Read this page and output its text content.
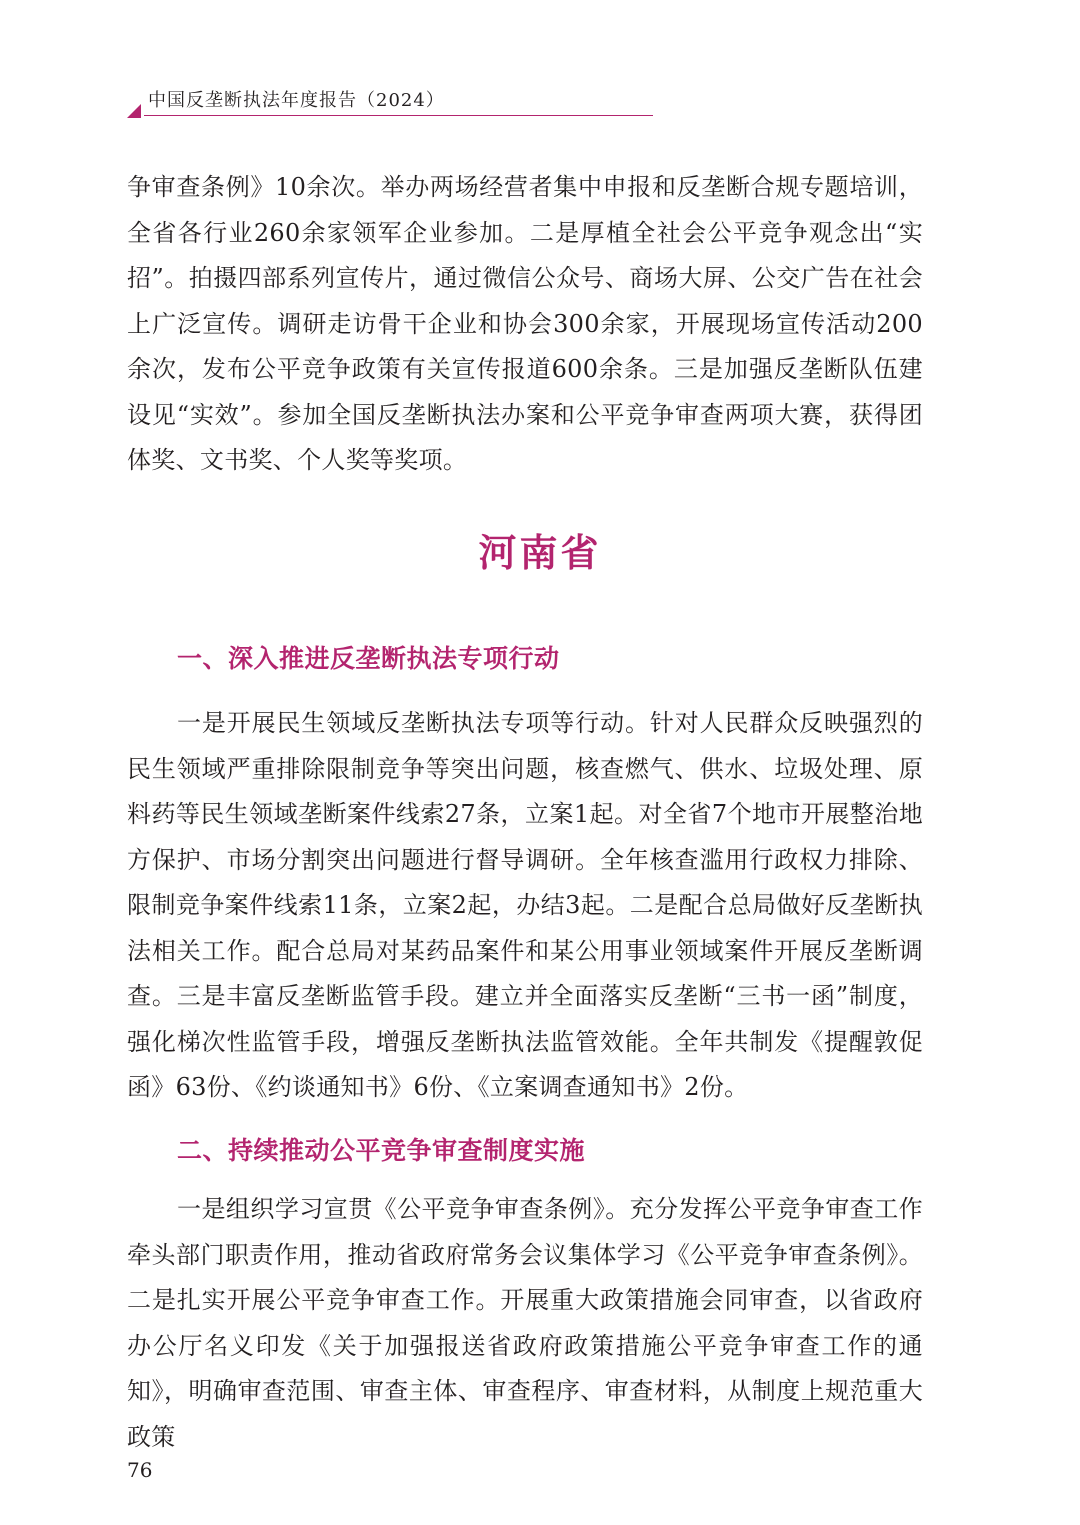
中国反垄断执法年度报告（2024）

争审查条例》10余次。举办两场经营者集中申报和反垄断合规专题培训，全省各行业260余家领军企业参加。二是厚植全社会公平竞争观念出“实招”。拍摄四部系列宣传片，通过微信公众号、商场大屏、公交广告在社会上广泛宣传。调研走访骨干企业和协会300余家，开展现场宣传活动200余次，发布公平竞争政策有关宣传报道600余条。三是加强反垄断队伍建设见“实效”。参加全国反垄断执法办案和公平竞争审查两项大赛，获得团体奖、文书奖、个人奖等奖项。

河南省
一、深入推进反垄断执法专项行动

一是开展民生领域反垄断执法专项等行动。针对人民群众反映强烈的民生领域严重排除限制竞争等突出问题，核查燃气、供水、垃圾处理、原料药等民生领域垄断案件线索27条，立案1起。对全省7个地市开展整治地方保护、市场分割突出问题进行督导调研。全年核查滥用行政权力排除、限制竞争案件线索11条，立案2起，办结3起。二是配合总局做好反垄断执法相关工作。配合总局对某药品案件和某公用事业领域案件开展反垄断调查。三是丰富反垄断监管手段。建立并全面落实反垄断“三书一函”制度，强化梯次性监管手段，增强反垄断执法监管效能。全年共制发《提醒敦促函》63份、《约谈通知书》6份、《立案调查通知书》2份。

二、持续推动公平竞争审查制度实施

一是组织学习宣贯《公平竞争审查条例》。充分发挥公平竞争审查工作牵头部门职责作用，推动省政府常务会议集体学习《公平竞争审查条例》。二是扎实开展公平竞争审查工作。开展重大政策措施会同审查，以省政府办公厅名义印发《关于加强报送省政府政策措施公平竞争审查工作的通知》，明确审查范围、审查主体、审查程序、审查材料，从制度上规范重大政策

76
